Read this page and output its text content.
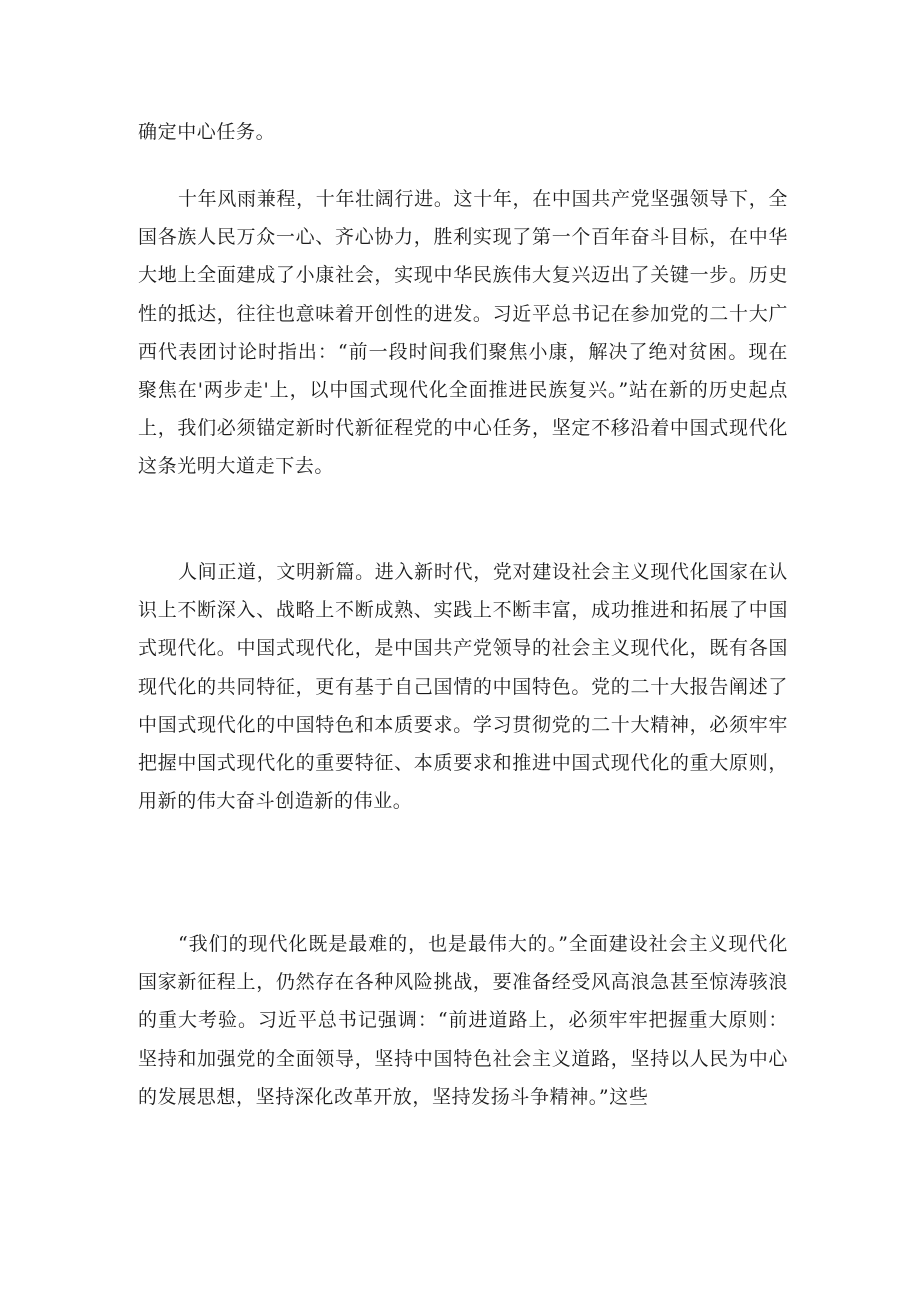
确定中心任务。
十年风雨兼程，十年壮阔行进。这十年，在中国共产党坚强领导下，全国各族人民万众一心、齐心协力，胜利实现了第一个百年奋斗目标，在中华大地上全面建成了小康社会，实现中华民族伟大复兴迈出了关键一步。历史性的抵达，往往也意味着开创性的进发。习近平总书记在参加党的二十大广西代表团讨论时指出：“前一段时间我们聚焦小康，解决了绝对贫困。现在聚焦在'两步走'上，以中国式现代化全面推进民族复兴。”站在新的历史起点上，我们必须锚定新时代新征程党的中心任务，坚定不移沿着中国式现代化这条光明大道走下去。
人间正道，文明新篇。进入新时代，党对建设社会主义现代化国家在认识上不断深入、战略上不断成熟、实践上不断丰富，成功推进和拓展了中国式现代化。中国式现代化，是中国共产党领导的社会主义现代化，既有各国现代化的共同特征，更有基于自己国情的中国特色。党的二十大报告阐述了中国式现代化的中国特色和本质要求。学习贯彻党的二十大精神，必须牢牢把握中国式现代化的重要特征、本质要求和推进中国式现代化的重大原则，用新的伟大奋斗创造新的伟业。
“我们的现代化既是最难的，也是最伟大的。”全面建设社会主义现代化国家新征程上，仍然存在各种风险挑战，要准备经受风高浪急甚至惊涛骇浪的重大考验。习近平总书记强调：“前进道路上，必须牢牢把握重大原则：坚持和加强党的全面领导，坚持中国特色社会主义道路，坚持以人民为中心的发展思想，坚持深化改革开放，坚持发扬斗争精神。”这些
